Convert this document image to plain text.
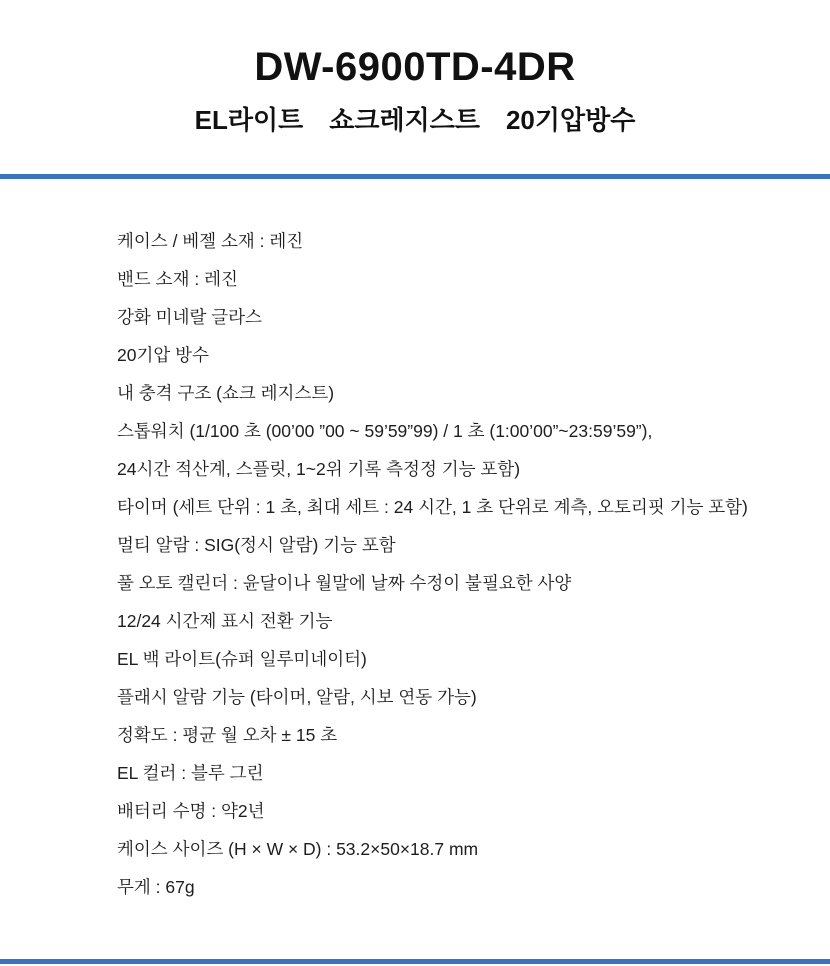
DW-6900TD-4DR
EL라이트　쇼크레지스트　20기압방수
케이스 / 베젤 소재 : 레진
밴드 소재 : 레진
강화 미네랄 글라스
20기압 방수
내 충격 구조 (쇼크 레지스트)
스톱워치 (1/100 초 (00’00 ”00 ~ 59’59”99) / 1 초 (1:00’00”~23:59’59”),
24시간 적산계, 스플릿, 1~2위 기록 측정정 기능 포함)
타이머 (세트 단위 : 1 초, 최대 세트 : 24 시간, 1 초 단위로 계측, 오토리핏 기능 포함)
멀티 알람 : SIG(정시 알람) 기능 포함
풀 오토 캘린더 : 윤달이나 월말에 날짜 수정이 불필요한 사양
12/24 시간제 표시 전환 기능
EL 백 라이트(슈퍼 일루미네이터)
플래시 알람 기능 (타이머, 알람, 시보 연동 가능)
정확도 : 평균 월 오차 ± 15 초
EL 컬러 : 블루 그린
배터리 수명 : 약2년
케이스 사이즈 (H × W × D) : 53.2×50×18.7 mm
무게 : 67g
